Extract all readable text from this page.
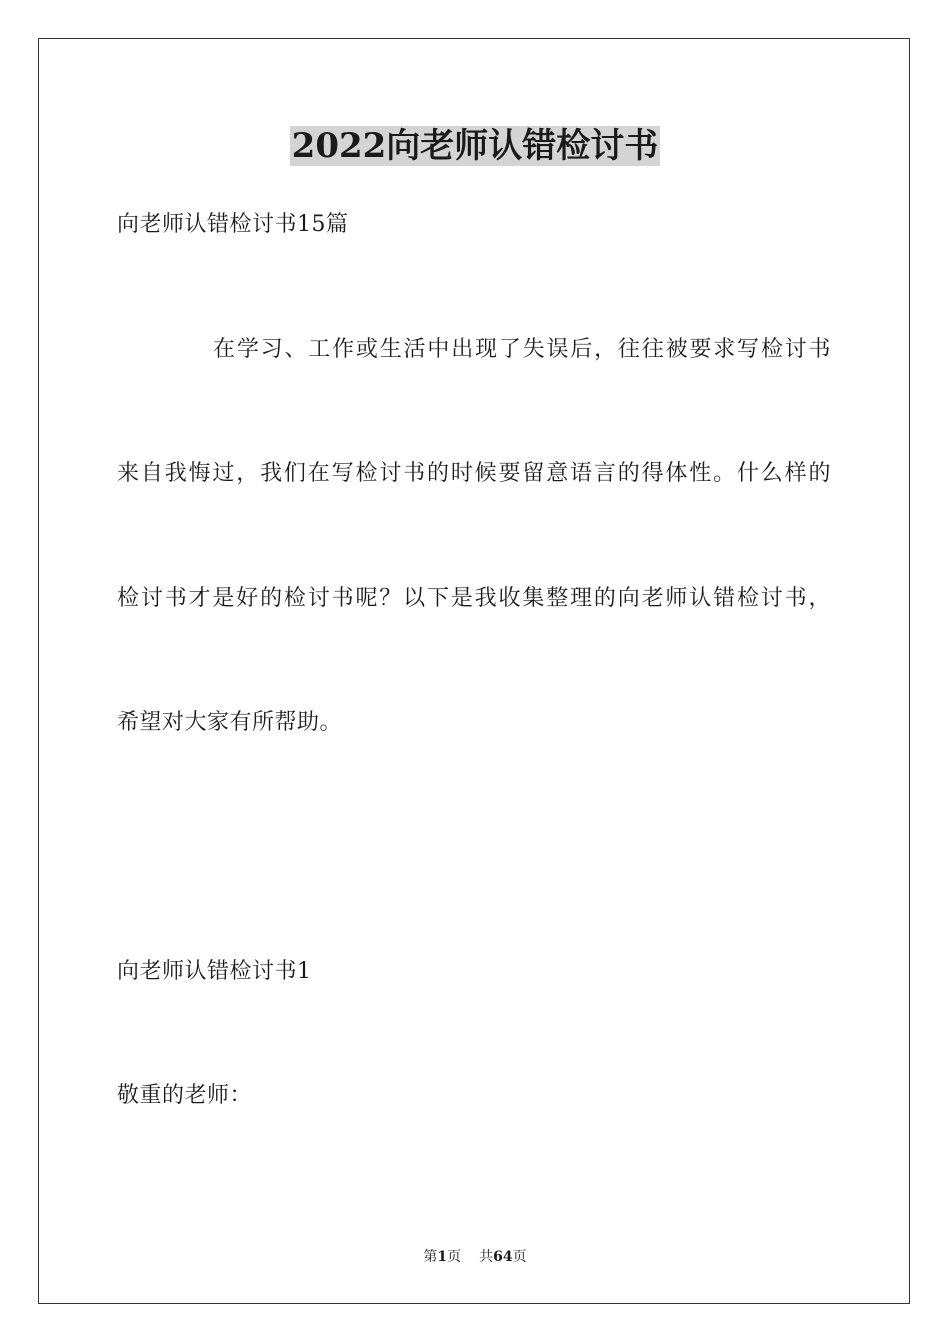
2022向老师认错检讨书
向老师认错检讨书15篇
在学习、工作或生活中出现了失误后，往往被要求写检讨书
来自我悔过，我们在写检讨书的时候要留意语言的得体性。什么样的
检讨书才是好的检讨书呢？以下是我收集整理的向老师认错检讨书，
希望对大家有所帮助。
向老师认错检讨书1
敬重的老师：
第1页 共64页
